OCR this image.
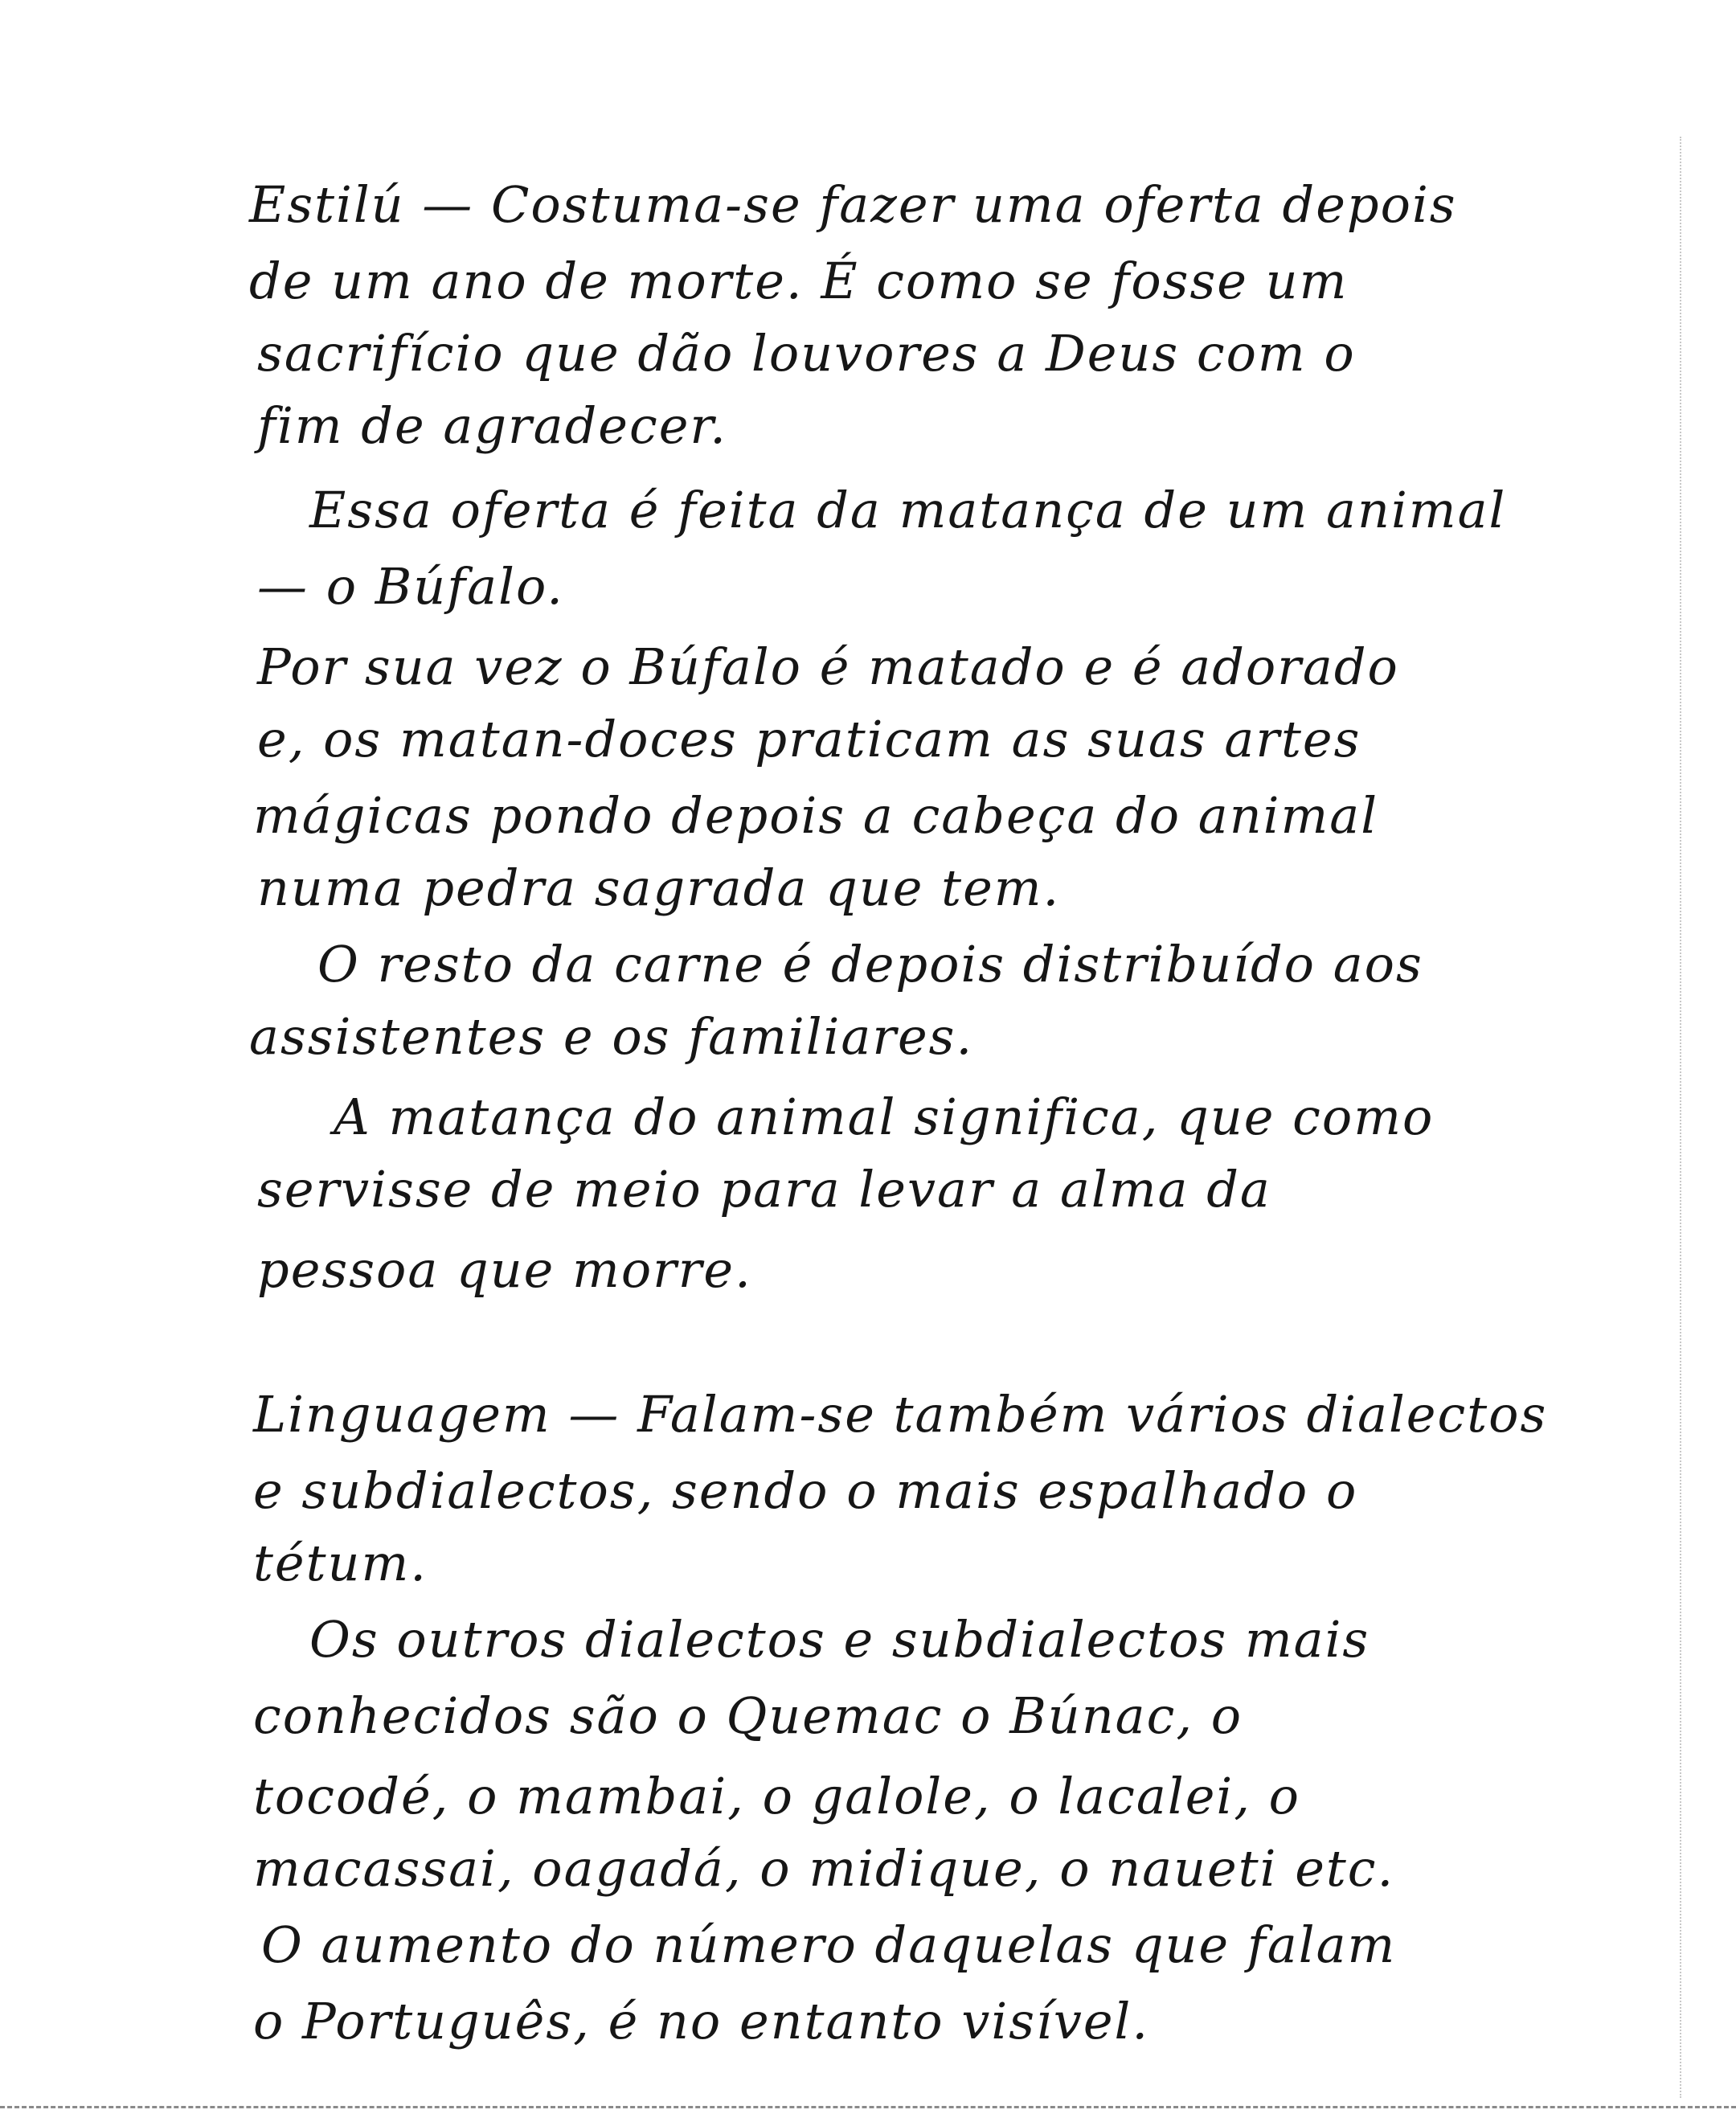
Estilú — Costuma-se fazer uma oferta depois
de um ano de morte. É como se fosse um
sacrifício que dão louvores a Deus com o
fim de agradecer.
Essa oferta é feita da matança de um animal
— o Búfalo.
Por sua vez o Búfalo é matado e é adorado
e, os matan-doces praticam as suas artes
mágicas pondo depois a cabeça do animal
numa pedra sagrada que tem.
O resto da carne é depois distribuído aos
assistentes e os familiares.
A matança do animal significa, que como
servisse de meio para levar a alma da
pessoa que morre.
Linguagem — Falam-se também vários dialectos
e subdialectos, sendo o mais espalhado o
tétum.
Os outros dialectos e subdialectos mais
conhecidos são o Quemac o Búnac, o
tocodé, o mambai, o galole, o lacalei, o
macassai, oagadá, o midique, o naueti etc.
O aumento do número daquelas que falam
o Português, é no entanto visível.
